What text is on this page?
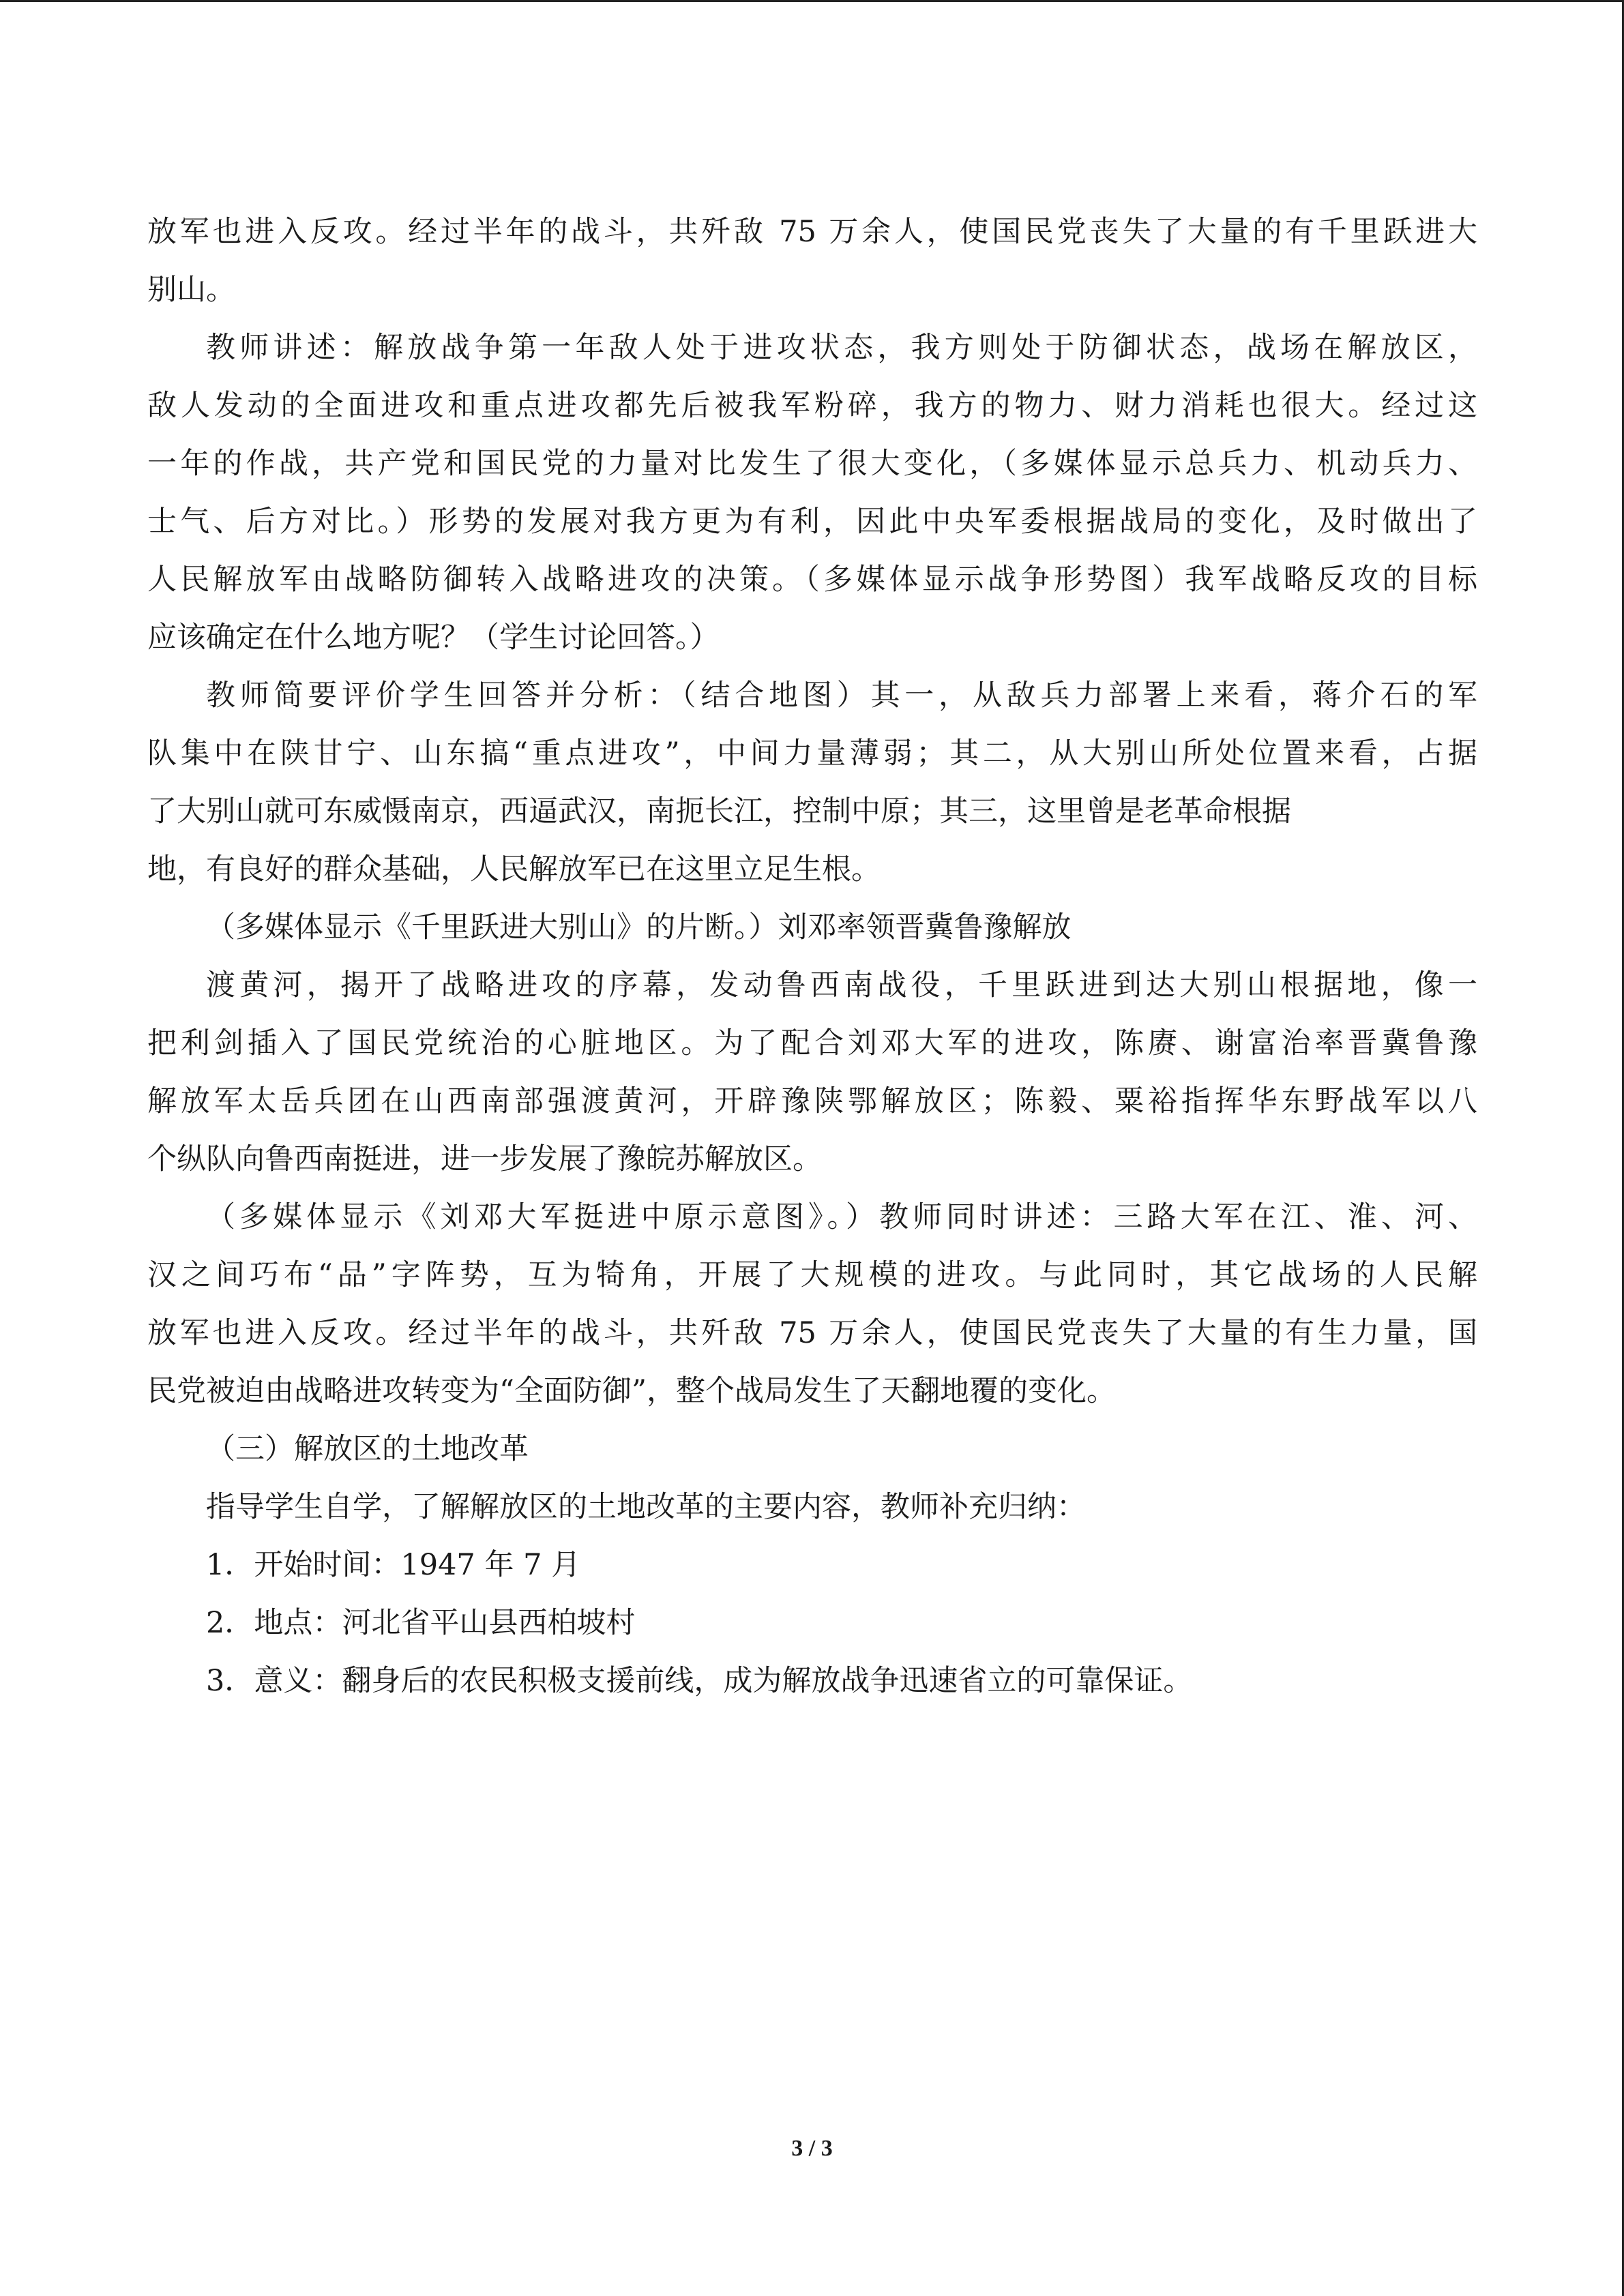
放军也进入反攻。经过半年的战斗，共歼敌 75 万余人，使国民党丧失了大量的有千里跃进大
别山。
教师讲述：解放战争第一年敌人处于进攻状态，我方则处于防御状态，战场在解放区，
敌人发动的全面进攻和重点进攻都先后被我军粉碎，我方的物力、财力消耗也很大。经过这
一年的作战，共产党和国民党的力量对比发生了很大变化，（多媒体显示总兵力、机动兵力、
士气、后方对比。）形势的发展对我方更为有利，因此中央军委根据战局的变化，及时做出了
人民解放军由战略防御转入战略进攻的决策。（多媒体显示战争形势图）我军战略反攻的目标
应该确定在什么地方呢？（学生讨论回答。）
教师简要评价学生回答并分析：（结合地图）其一，从敌兵力部署上来看，蒋介石的军
队集中在陕甘宁、山东搞“重点进攻”，中间力量薄弱；其二，从大别山所处位置来看，占据
了大别山就可东威慑南京，西逼武汉，南扼长江，控制中原；其三，这里曾是老革命根据
地，有良好的群众基础，人民解放军已在这里立足生根。
（多媒体显示《千里跃进大别山》的片断。）刘邓率领晋冀鲁豫解放
渡黄河，揭开了战略进攻的序幕，发动鲁西南战役，千里跃进到达大别山根据地，像一
把利剑插入了国民党统治的心脏地区。为了配合刘邓大军的进攻，陈赓、谢富治率晋冀鲁豫
解放军太岳兵团在山西南部强渡黄河，开辟豫陕鄂解放区；陈毅、粟裕指挥华东野战军以八
个纵队向鲁西南挺进，进一步发展了豫皖苏解放区。
（多媒体显示《刘邓大军挺进中原示意图》。）教师同时讲述：三路大军在江、淮、河、
汉之间巧布“品”字阵势，互为犄角，开展了大规模的进攻。与此同时，其它战场的人民解
放军也进入反攻。经过半年的战斗，共歼敌 75 万余人，使国民党丧失了大量的有生力量，国
民党被迫由战略进攻转变为“全面防御”，整个战局发生了天翻地覆的变化。
（三）解放区的土地改革
指导学生自学，了解解放区的土地改革的主要内容，教师补充归纳：
1．开始时间：1947 年 7 月
2．地点：河北省平山县西柏坡村
3．意义：翻身后的农民积极支援前线，成为解放战争迅速省立的可靠保证。
3 / 3
